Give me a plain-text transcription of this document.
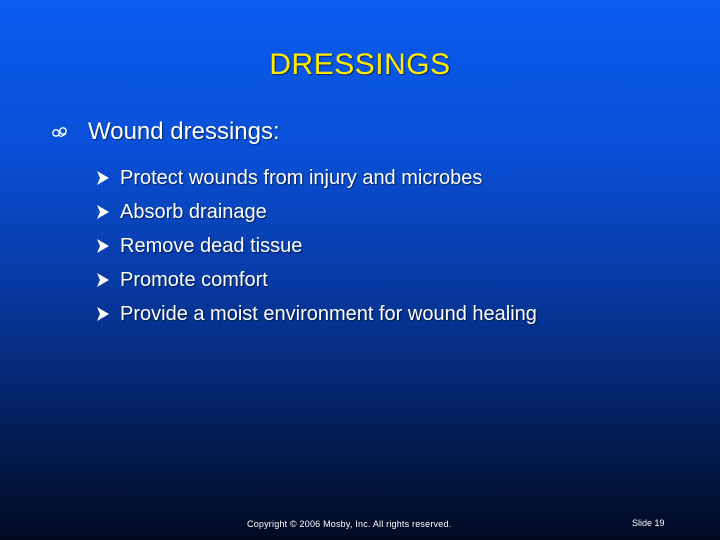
DRESSINGS
Wound dressings:
Protect wounds from injury and microbes
Absorb drainage
Remove dead tissue
Promote comfort
Provide a moist environment for wound healing
Copyright © 2006 Mosby, Inc. All rights reserved.	Slide 19
